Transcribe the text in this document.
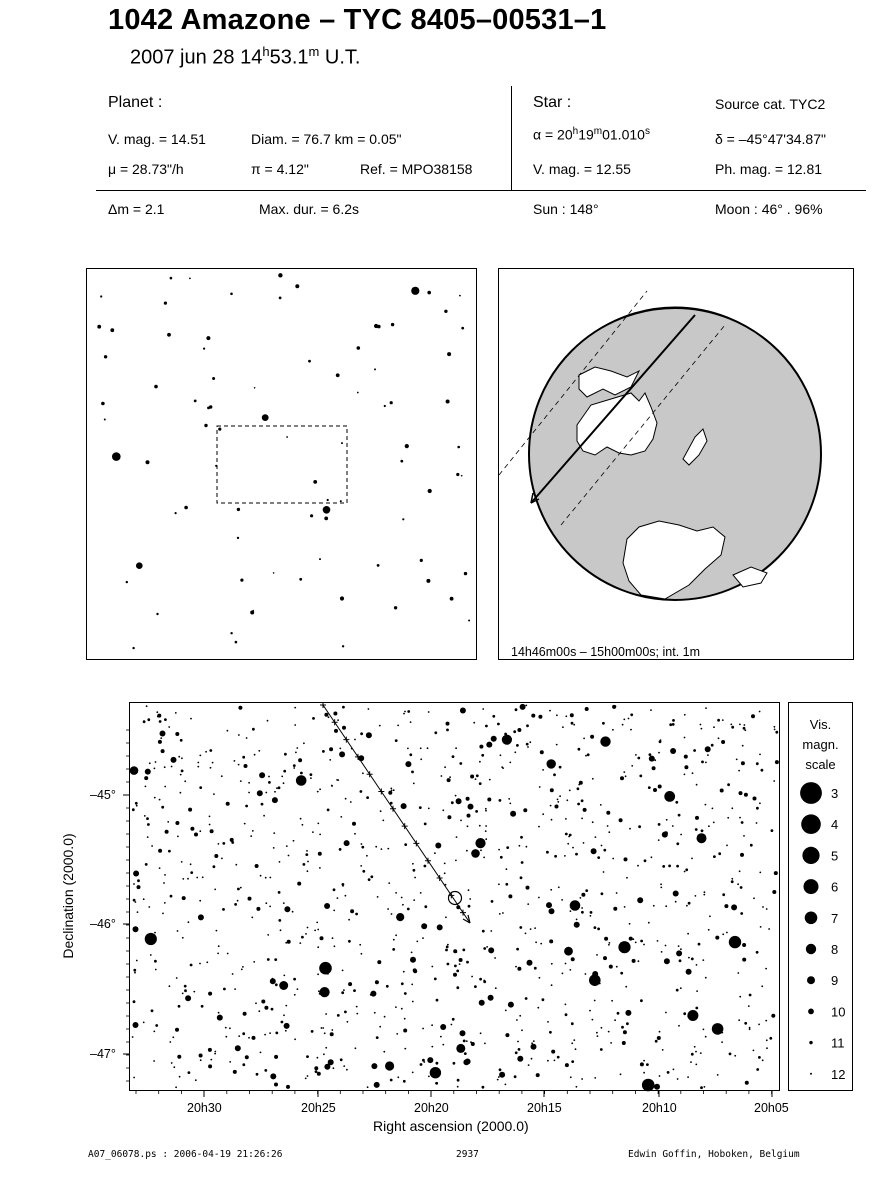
1042 Amazone – TYC 8405–00531–1
2007 jun 28 14$^h$53.1$^m$ U.T.
Planet :
V. mag. = 14.51	Diam. = 76.7 km = 0.05"
μ = 28.73"/h	π = 4.12"	Ref. = MPO38158
Star :	Source cat. TYC2
$\alpha = 20^h19^m01.010^s$	δ = –45°47'34.87"
V. mag. = 12.55	Ph. mag. = 12.81
Δm = 2.1	Max. dur. = 6.2s	Sun : 148°	Moon : 46° . 96%
14h46m00s – 15h00m00s; int. 1m
–45°
–46°
–47°
20h30	20h25	20h20	20h15	20h10	20h05
Right ascension (2000.0)
Declination (2000.0)
Vis.
magn.
scale
3
4
5
6
7
8
9
10
11
12
A07_06078.ps : 2006-04-19 21:26:26	2937	Edwin Goffin, Hoboken, Belgium
